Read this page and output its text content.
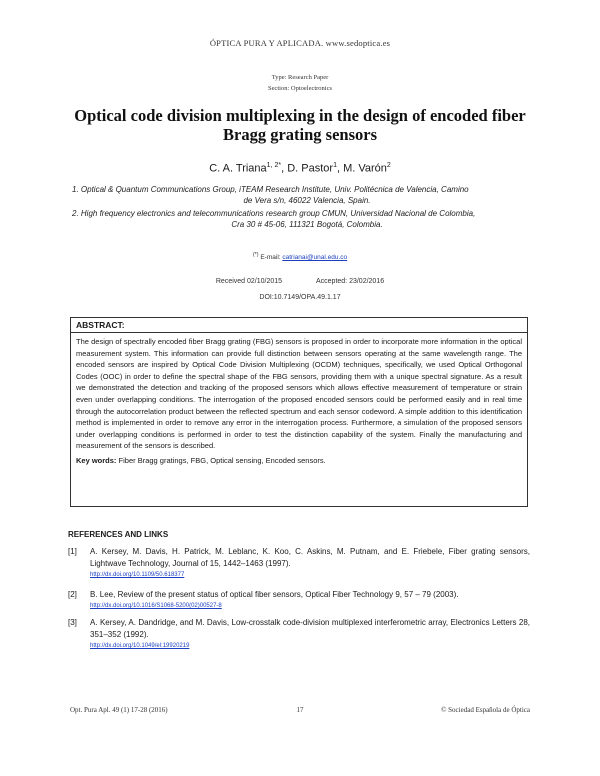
ÓPTICA PURA Y APLICADA. www.sedoptica.es
Type: Research Paper
Section: Optoelectronics
Optical code division multiplexing in the design of encoded fiber Bragg grating sensors
C. A. Triana$^{1, 2*}$, D. Pastor$^1$, M. Varón$^2$
1. Optical & Quantum Communications Group, iTEAM Research Institute, Univ. Politécnica de Valencia, Camino
de Vera s/n, 46022 Valencia, Spain.
2. High frequency electronics and telecommunications research group CMUN, Universidad Nacional de Colombia,
Cra 30 # 45-06, 111321 Bogotá, Colombia.
(*) E-mail: catrianai@unal.edu.co
Received 02/10/2015	Accepted: 23/02/2016
DOI:10.7149/OPA.49.1.17
ABSTRACT:
The design of spectrally encoded fiber Bragg grating (FBG) sensors is proposed in order to incorporate more information in the optical measurement system. This information can provide full distinction between sensors operating at the same wavelength range. The encoded sensors are inspired by Optical Code Division Multiplexing (OCDM) techniques, specifically, we used Optical Orthogonal Codes (OOC) in order to define the spectral shape of the FBG sensors, providing them with a unique spectral signature. As a result we demonstrated the detection and tracking of the proposed sensors which allows effective measurement of temperature or strain even under overlapping conditions. The interrogation of the proposed encoded sensors could be performed easily and in real time through the autocorrelation product between the reflected spectrum and each sensor codeword. A simple addition to this identification method is implemented in order to remove any error in the interrogation process. Furthermore, a simulation of the proposed sensors under overlapping conditions is performed in order to test the distinction capability of the system. Finally the manufacturing and measurement of the sensors is described.
Key words: Fiber Bragg gratings, FBG, Optical sensing, Encoded sensors.
REFERENCES AND LINKS
[1] A. Kersey, M. Davis, H. Patrick, M. Leblanc, K. Koo, C. Askins, M. Putnam, and E. Friebele, Fiber grating sensors, Lightwave Technology, Journal of 15, 1442–1463 (1997).
http://dx.doi.org/10.1109/50.618377
[2] B. Lee, Review of the present status of optical fiber sensors, Optical Fiber Technology 9, 57 – 79 (2003).
http://dx.doi.org/10.1016/S1068-5200(02)00527-8
[3] A. Kersey, A. Dandridge, and M. Davis, Low-crosstalk code-division multiplexed interferometric array, Electronics Letters 28, 351–352 (1992).
http://dx.doi.org/10.1049/el:19920219
Opt. Pura Apl. 49 (1) 17-28 (2016)	17	© Sociedad Española de Óptica
